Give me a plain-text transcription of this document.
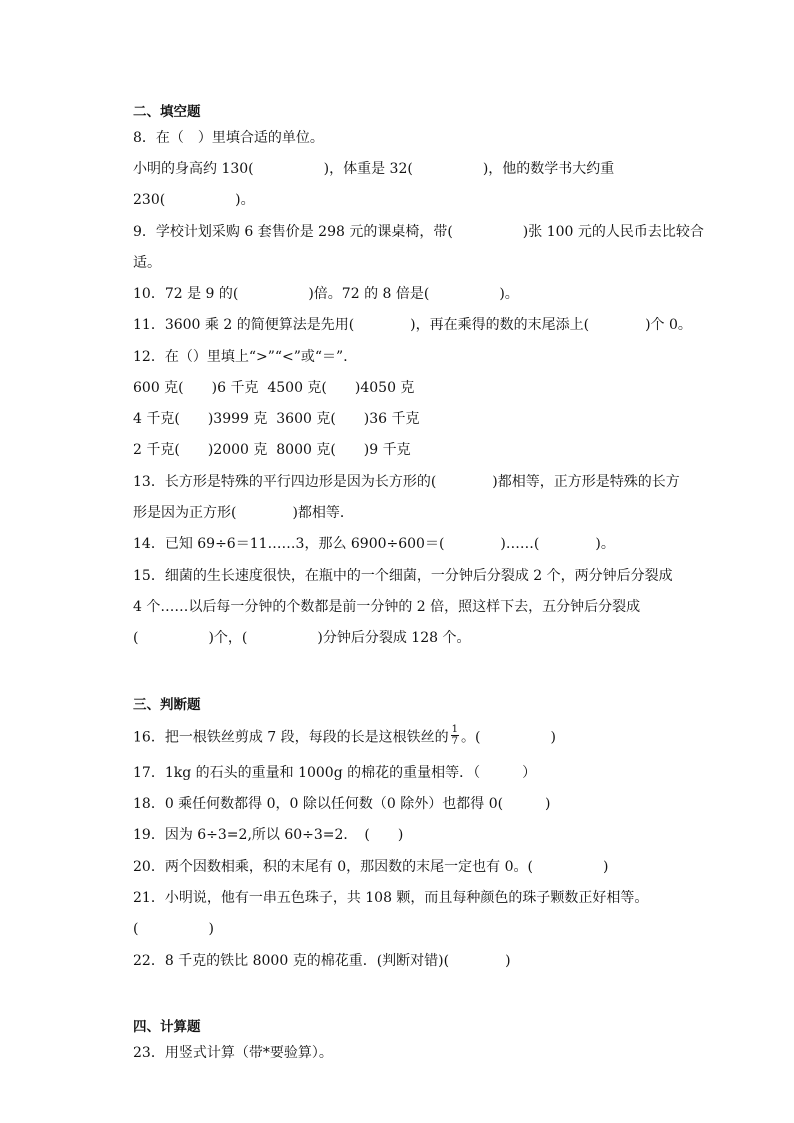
二、填空题
8．在（　）里填合适的单位。
小明的身高约 130(　　　　　)，体重是 32(　　　　　)，他的数学书大约重
230(　　　　　)。
9．学校计划采购 6 套售价是 298 元的课桌椅，带(　　　　　)张 100 元的人民币去比较合
适。
10．72 是 9 的(　　　　　)倍。72 的 8 倍是(　　　　　)。
11．3600 乘 2 的简便算法是先用(　　　　)，再在乘得的数的末尾添上(　　　　)个 0。
12．在（）里填上“>”“<”或“＝”．
600 克(　　)6 千克  4500 克(　　)4050 克
4 千克(　　)3999 克  3600 克(　　)36 千克
2 千克(　　)2000 克  8000 克(　　)9 千克
13．长方形是特殊的平行四边形是因为长方形的(　　　　)都相等，正方形是特殊的长方
形是因为正方形(　　　　)都相等．
14．已知 69÷6＝11……3，那么 6900÷600＝(　　　　)……(　　　　)。
15．细菌的生长速度很快，在瓶中的一个细菌，一分钟后分裂成 2 个，两分钟后分裂成
4 个……以后每一分钟的个数都是前一分钟的 2 倍，照这样下去，五分钟后分裂成
(　　　　　)个，(　　　　　)分钟后分裂成 128 个。
三、判断题
16．把一根铁丝剪成 7 段，每段的长是这根铁丝的 $\frac{1}{7}$ 。(　　　　　)
17．1kg 的石头的重量和 1000g 的棉花的重量相等．（　　　）
18．0 乘任何数都得 0，0 除以任何数（0 除外）也都得 0(　　　)
19．因为 6÷3=2,所以 60÷3=2．　(　　)
20．两个因数相乘，积的末尾有 0，那因数的末尾一定也有 0。(　　　　　)
21．小明说，他有一串五色珠子，共 108 颗，而且每种颜色的珠子颗数正好相等。
(　　　　　)
22．8 千克的铁比 8000 克的棉花重．(判断对错)(　　　　)
四、计算题
23．用竖式计算（带*要验算）。
